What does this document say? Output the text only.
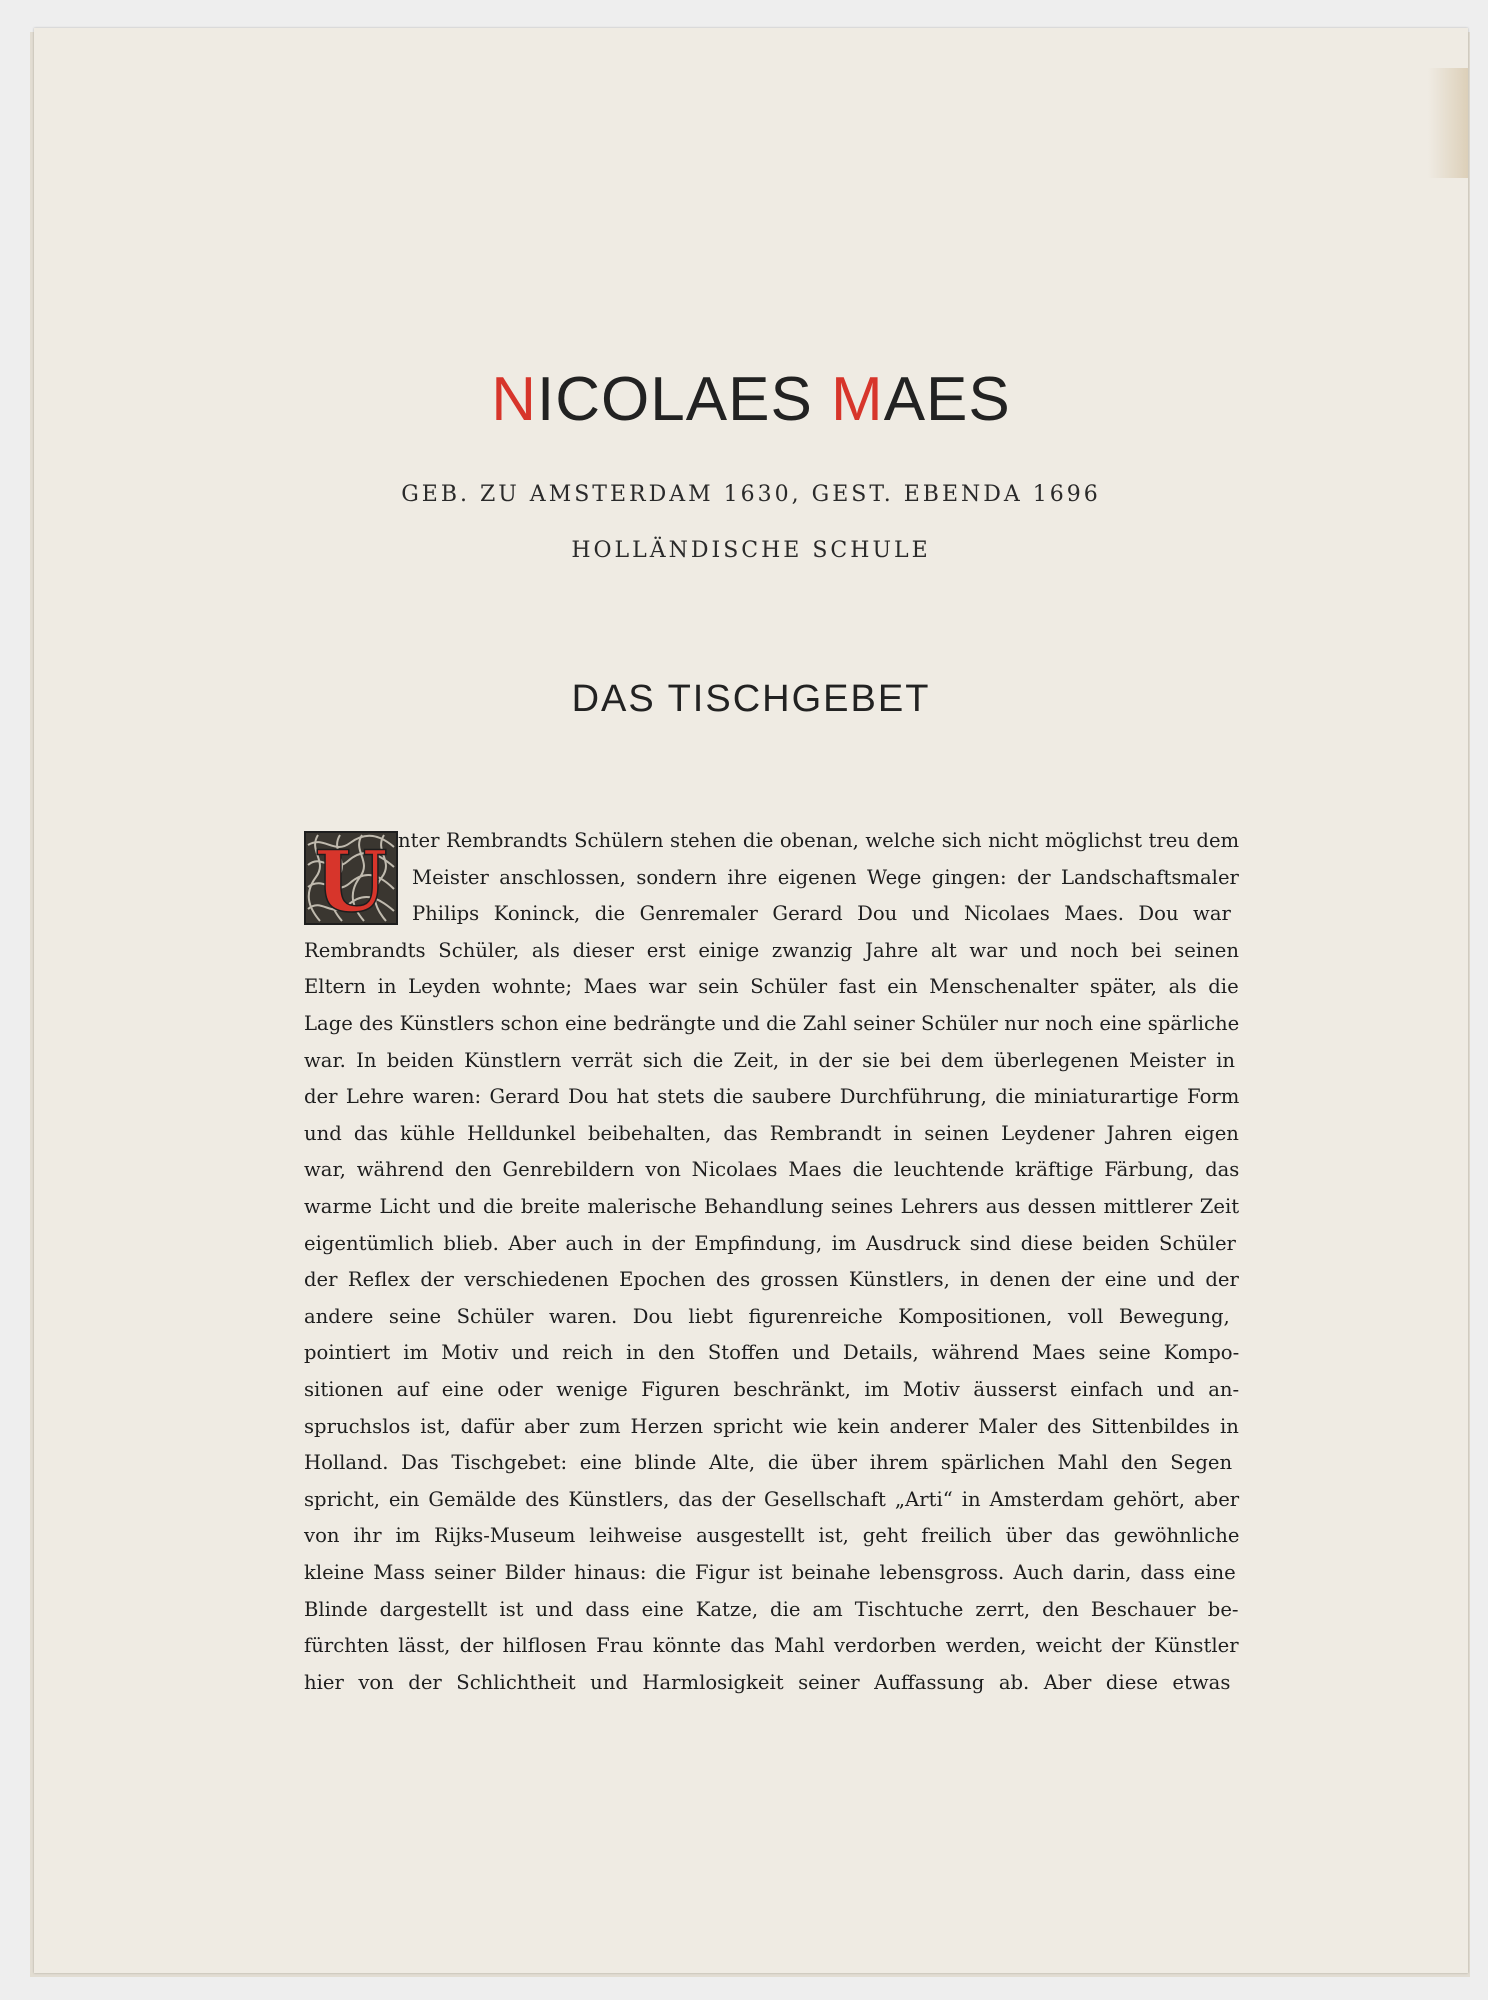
NICOLAES MAES
GEB. ZU AMSTERDAM 1630, GEST. EBENDA 1696
HOLLÄNDISCHE SCHULE
DAS TISCHGEBET
U nter Rembrandts Schülern stehen die obenan, welche sich nicht möglichst treu dem
Meister anschlossen, sondern ihre eigenen Wege gingen: der Landschaftsmaler
Philips Koninck, die Genremaler Gerard Dou und Nicolaes Maes. Dou war
Rembrandts Schüler, als dieser erst einige zwanzig Jahre alt war und noch bei seinen
Eltern in Leyden wohnte; Maes war sein Schüler fast ein Menschenalter später, als die
Lage des Künstlers schon eine bedrängte und die Zahl seiner Schüler nur noch eine spärliche
war. In beiden Künstlern verrät sich die Zeit, in der sie bei dem überlegenen Meister in
der Lehre waren: Gerard Dou hat stets die saubere Durchführung, die miniaturartige Form
und das kühle Helldunkel beibehalten, das Rembrandt in seinen Leydener Jahren eigen
war, während den Genrebildern von Nicolaes Maes die leuchtende kräftige Färbung, das
warme Licht und die breite malerische Behandlung seines Lehrers aus dessen mittlerer Zeit
eigentümlich blieb. Aber auch in der Empfindung, im Ausdruck sind diese beiden Schüler
der Reflex der verschiedenen Epochen des grossen Künstlers, in denen der eine und der
andere seine Schüler waren. Dou liebt figurenreiche Kompositionen, voll Bewegung,
pointiert im Motiv und reich in den Stoffen und Details, während Maes seine Kompo-
sitionen auf eine oder wenige Figuren beschränkt, im Motiv äusserst einfach und an-
spruchslos ist, dafür aber zum Herzen spricht wie kein anderer Maler des Sittenbildes in
Holland. Das Tischgebet: eine blinde Alte, die über ihrem spärlichen Mahl den Segen
spricht, ein Gemälde des Künstlers, das der Gesellschaft „Arti“ in Amsterdam gehört, aber
von ihr im Rijks-Museum leihweise ausgestellt ist, geht freilich über das gewöhnliche
kleine Mass seiner Bilder hinaus: die Figur ist beinahe lebensgross. Auch darin, dass eine
Blinde dargestellt ist und dass eine Katze, die am Tischtuche zerrt, den Beschauer be-
fürchten lässt, der hilflosen Frau könnte das Mahl verdorben werden, weicht der Künstler
hier von der Schlichtheit und Harmlosigkeit seiner Auffassung ab. Aber diese etwas
